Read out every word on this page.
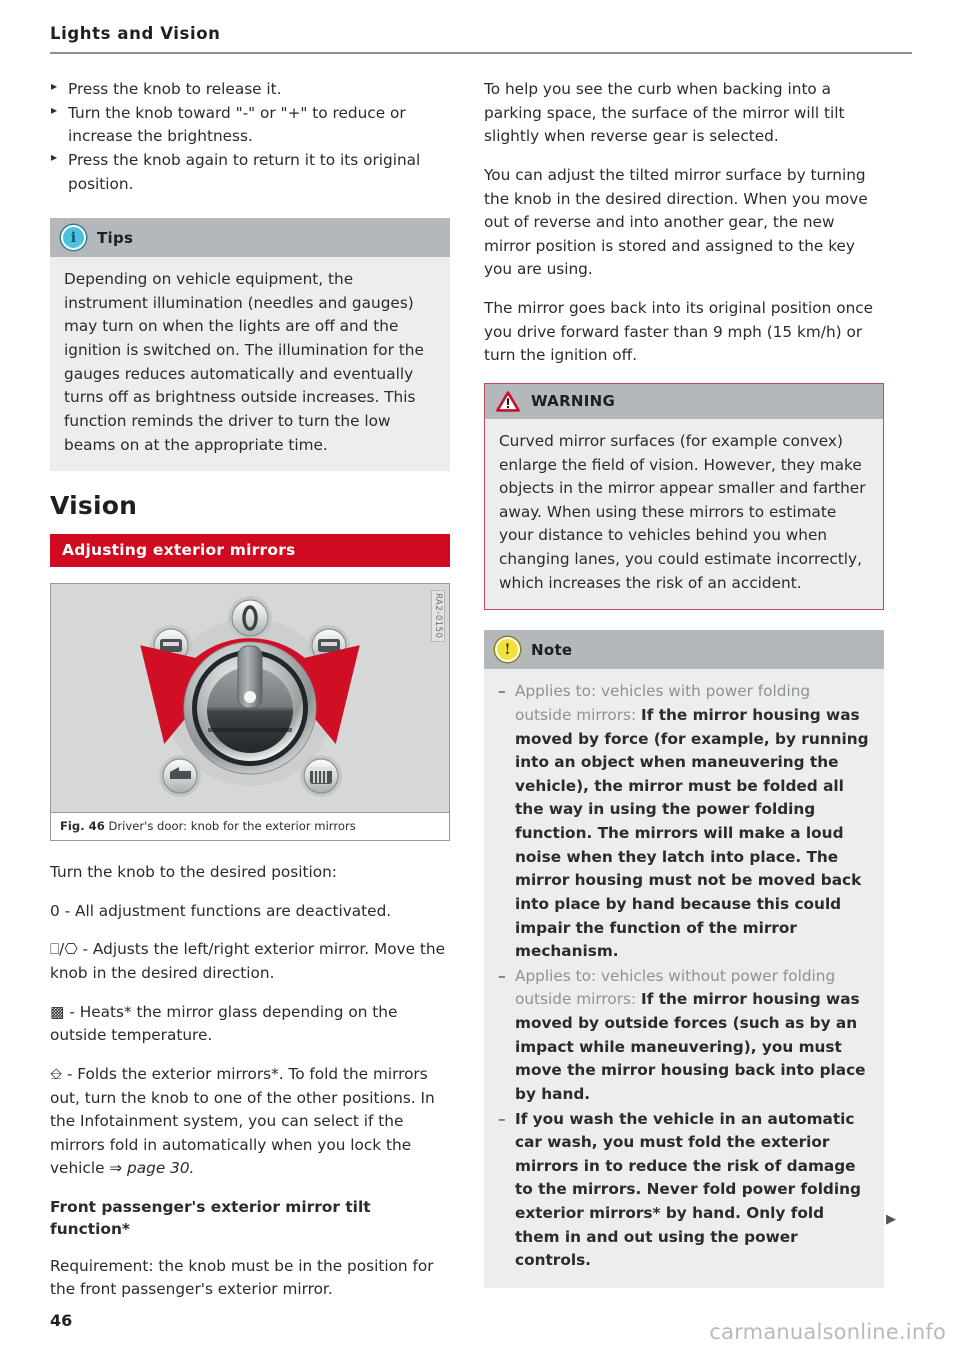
Lights and Vision
▸ Press the knob to release it.
▸ Turn the knob toward "-" or "+" to reduce or increase the brightness.
▸ Press the knob again to return it to its original position.
i	Tips

Depending on vehicle equipment, the instrument illumination (needles and gauges) may turn on when the lights are off and the ignition is switched on. The illumination for the gauges reduces automatically and eventually turns off as brightness outside increases. This function reminds the driver to turn the low beams on at the appropriate time.

Vision
Adjusting exterior mirrors
RA2-0150
Fig. 46 Driver's door: knob for the exterior mirrors

Turn the knob to the desired position:

0 - All adjustment functions are deactivated.

⎕/⎔ - Adjusts the left/right exterior mirror. Move the knob in the desired direction.

▩ - Heats* the mirror glass depending on the outside temperature.

⎒ - Folds the exterior mirrors*. To fold the mirrors out, turn the knob to one of the other positions. In the Infotainment system, you can select if the mirrors fold in automatically when you lock the vehicle ⇒ page 30.

Front passenger's exterior mirror tilt function*

Requirement: the knob must be in the position for the front passenger's exterior mirror.

To help you see the curb when backing into a parking space, the surface of the mirror will tilt slightly when reverse gear is selected.

You can adjust the tilted mirror surface by turning the knob in the desired direction. When you move out of reverse and into another gear, the new mirror position is stored and assigned to the key you are using.

The mirror goes back into its original position once you drive forward faster than 9 mph (15 km/h) or turn the ignition off.

WARNING

Curved mirror surfaces (for example convex) enlarge the field of vision. However, they make objects in the mirror appear smaller and farther away. When using these mirrors to estimate your distance to vehicles behind you when changing lanes, you could estimate incorrectly, which increases the risk of an accident.

!	Note
– Applies to: vehicles with power folding outside mirrors: If the mirror housing was moved by force (for example, by running into an object when maneuvering the vehicle), the mirror must be folded all the way in using the power folding function. The mirrors will make a loud noise when they latch into place. The mirror housing must not be moved back into place by hand because this could impair the function of the mirror mechanism.
– Applies to: vehicles without power folding outside mirrors: If the mirror housing was moved by outside forces (such as by an impact while maneuvering), you must move the mirror housing back into place by hand.
– If you wash the vehicle in an automatic car wash, you must fold the exterior mirrors in to reduce the risk of damage to the mirrors. Never fold power folding exterior mirrors* by hand. Only fold them in and out using the power controls.
▶
46	carmanualsonline.info
